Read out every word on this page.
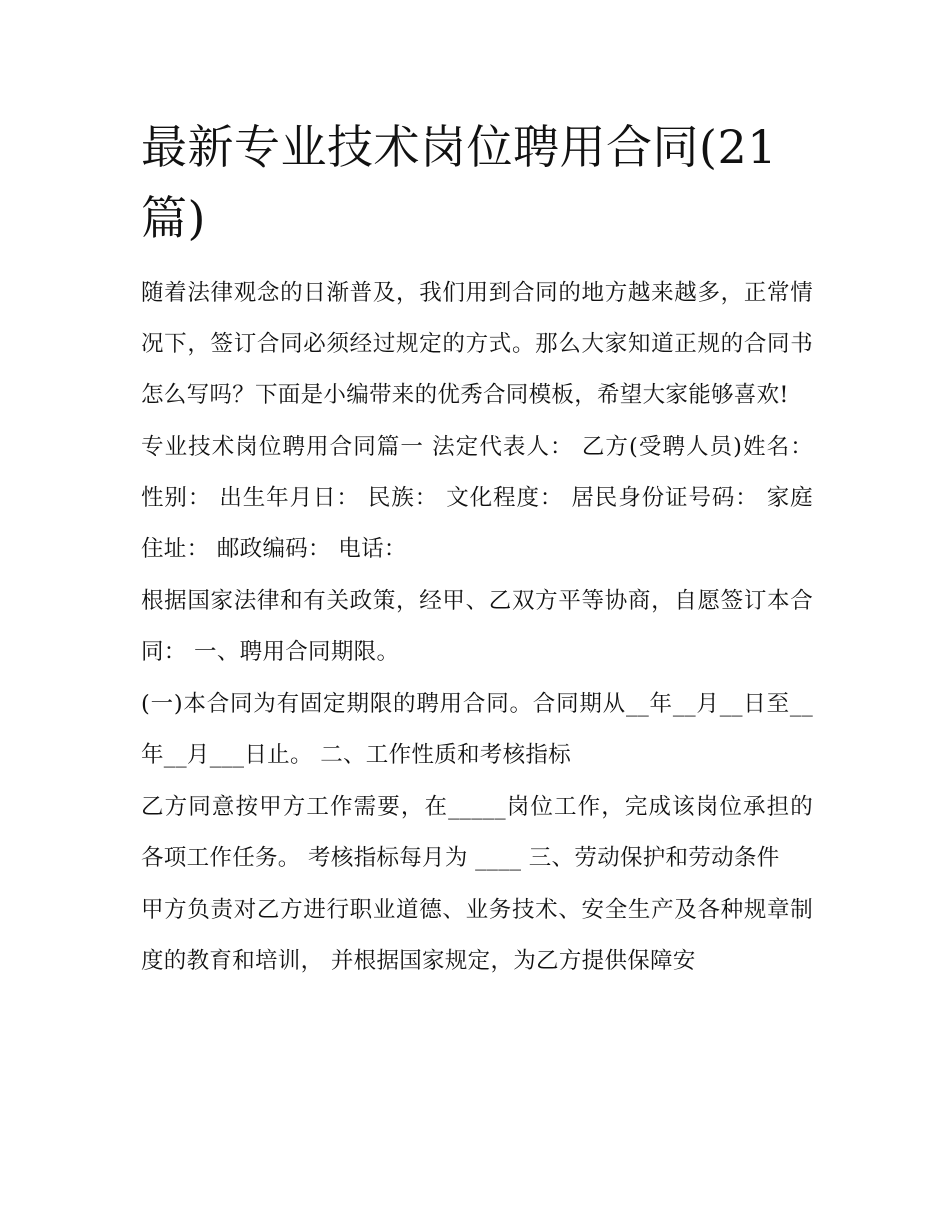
最新专业技术岗位聘用合同(21篇)

随着法律观念的日渐普及，我们用到合同的地方越来越多，正常情况下，签订合同必须经过规定的方式。那么大家知道正规的合同书怎么写吗？下面是小编带来的优秀合同模板，希望大家能够喜欢!

专业技术岗位聘用合同篇一 法定代表人： 乙方(受聘人员)姓名： 性别： 出生年月日： 民族： 文化程度： 居民身份证号码： 家庭住址： 邮政编码： 电话：

根据国家法律和有关政策，经甲、乙双方平等协商，自愿签订本合同： 一、聘用合同期限。

(一)本合同为有固定期限的聘用合同。合同期从__年__月__日至__年__月___日止。 二、工作性质和考核指标

乙方同意按甲方工作需要，在_____岗位工作，完成该岗位承担的各项工作任务。 考核指标每月为 ____ 三、劳动保护和劳动条件

甲方负责对乙方进行职业道德、业务技术、安全生产及各种规章制度的教育和培训， 并根据国家规定，为乙方提供保障安
